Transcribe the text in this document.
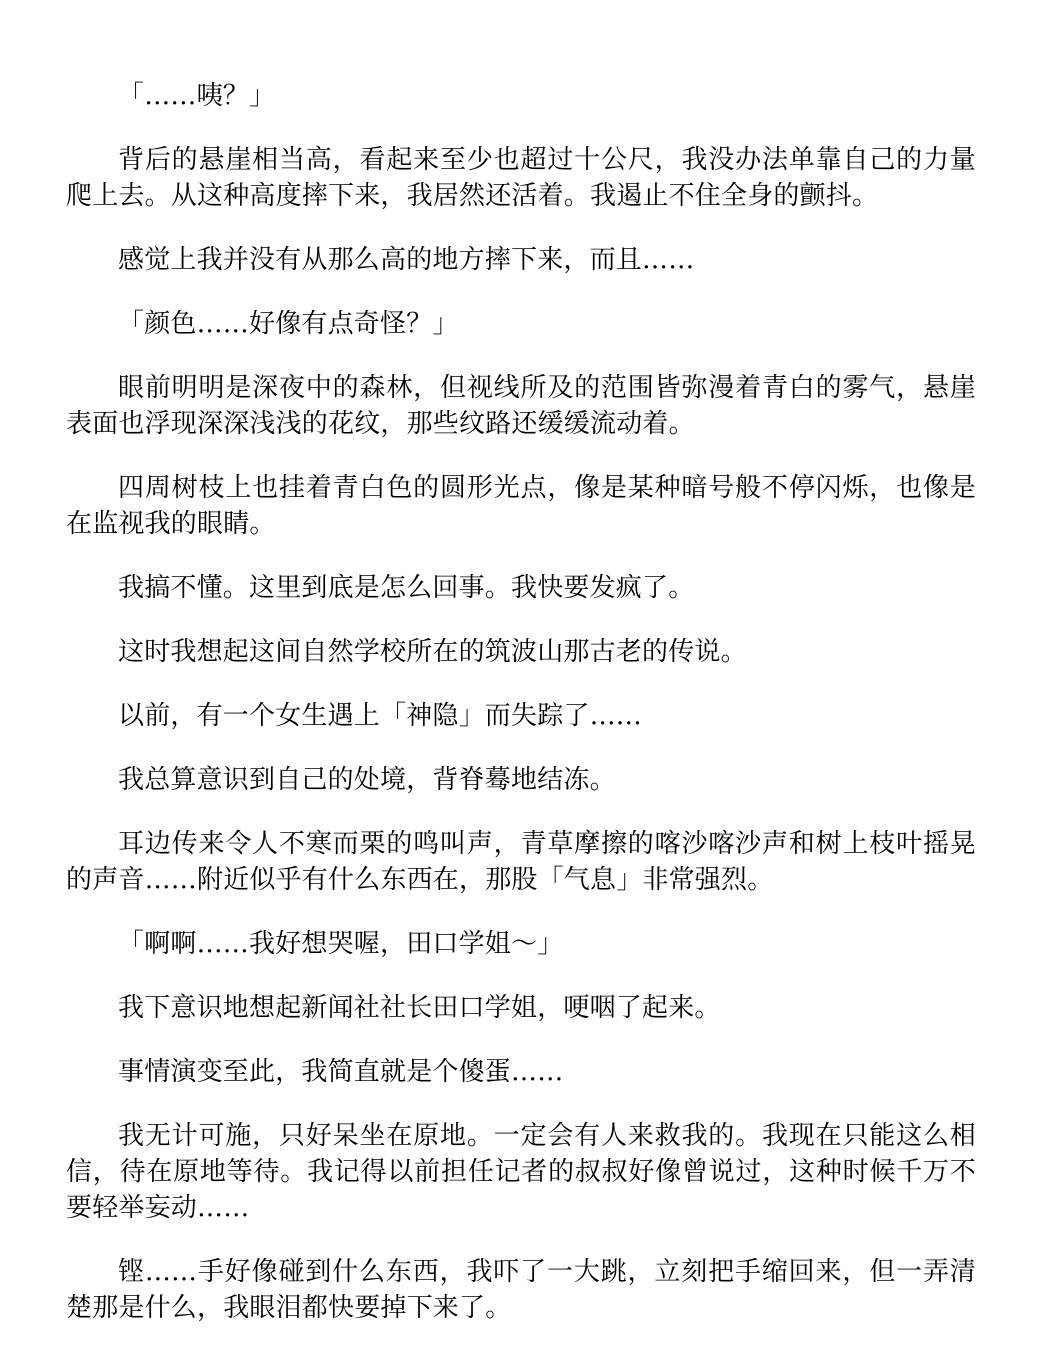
「……咦？」

背后的悬崖相当高，看起来至少也超过十公尺，我没办法单靠自己的力量爬上去。从这种高度摔下来，我居然还活着。我遏止不住全身的颤抖。

感觉上我并没有从那么高的地方摔下来，而且……

「颜色……好像有点奇怪？」

眼前明明是深夜中的森林，但视线所及的范围皆弥漫着青白的雾气，悬崖表面也浮现深深浅浅的花纹，那些纹路还缓缓流动着。

四周树枝上也挂着青白色的圆形光点，像是某种暗号般不停闪烁，也像是在监视我的眼睛。

我搞不懂。这里到底是怎么回事。我快要发疯了。

这时我想起这间自然学校所在的筑波山那古老的传说。

以前，有一个女生遇上「神隐」而失踪了……

我总算意识到自己的处境，背脊蓦地结冻。

耳边传来令人不寒而栗的鸣叫声，青草摩擦的喀沙喀沙声和树上枝叶摇晃的声音……附近似乎有什么东西在，那股「气息」非常强烈。

「啊啊……我好想哭喔，田口学姐～」

我下意识地想起新闻社社长田口学姐，哽咽了起来。

事情演变至此，我简直就是个傻蛋……

我无计可施，只好呆坐在原地。一定会有人来救我的。我现在只能这么相信，待在原地等待。我记得以前担任记者的叔叔好像曾说过，这种时候千万不要轻举妄动……

铿……手好像碰到什么东西，我吓了一大跳，立刻把手缩回来，但一弄清楚那是什么，我眼泪都快要掉下来了。
